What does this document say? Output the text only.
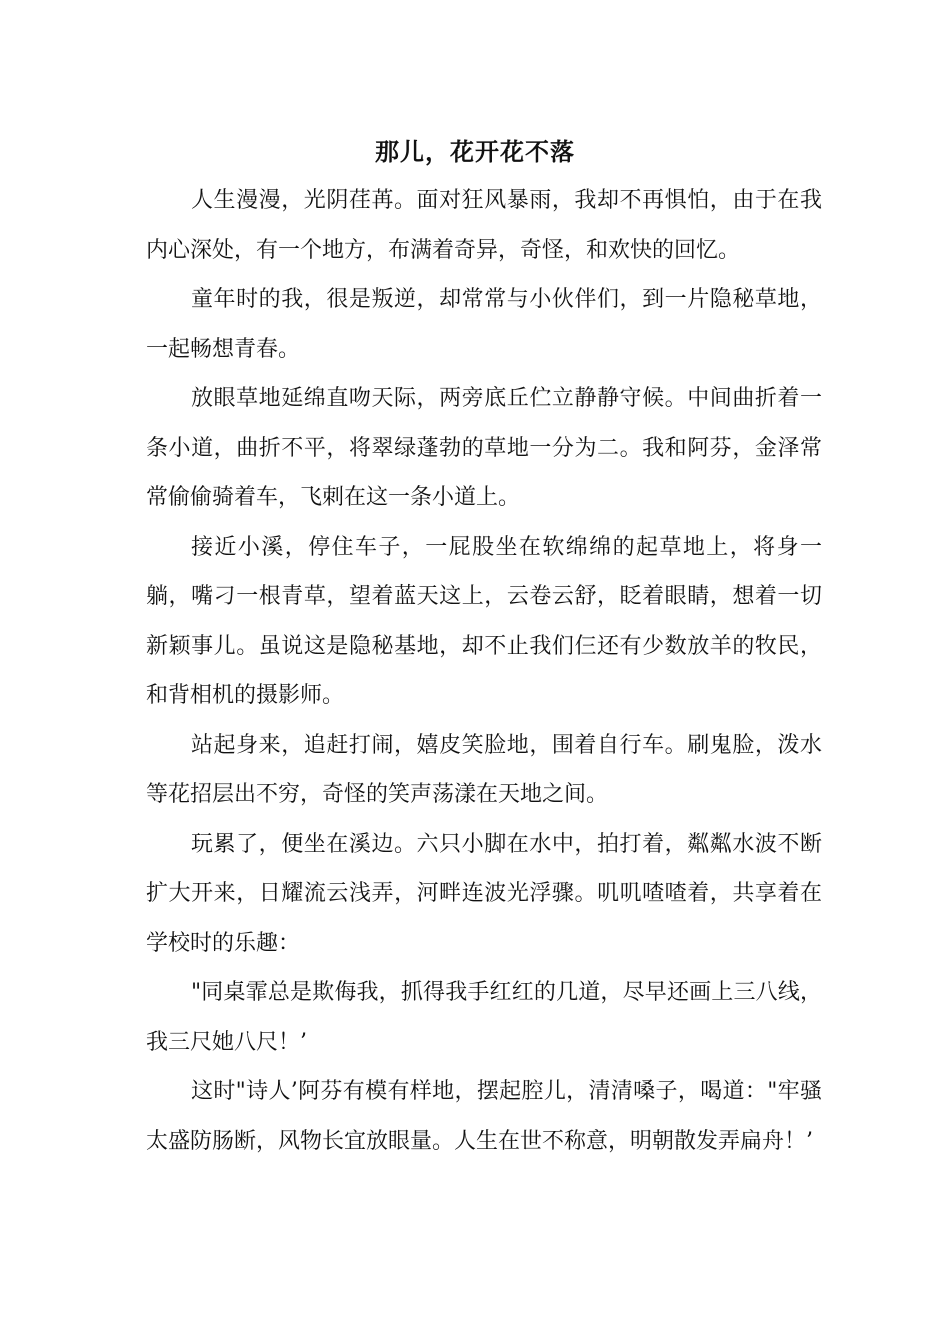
那儿，花开花不落

人生漫漫，光阴荏苒。面对狂风暴雨，我却不再惧怕，由于在我内心深处，有一个地方，布满着奇异，奇怪，和欢快的回忆。

童年时的我，很是叛逆，却常常与小伙伴们，到一片隐秘草地，一起畅想青春。

放眼草地延绵直吻天际，两旁底丘伫立静静守候。中间曲折着一条小道，曲折不平，将翠绿蓬勃的草地一分为二。我和阿芬，金泽常常偷偷骑着车，飞刺在这一条小道上。

接近小溪，停住车子，一屁股坐在软绵绵的起草地上，将身一躺，嘴刁一根青草，望着蓝天这上，云卷云舒，眨着眼睛，想着一切新颖事儿。虽说这是隐秘基地，却不止我们仨还有少数放羊的牧民，和背相机的摄影师。

站起身来，追赶打闹，嬉皮笑脸地，围着自行车。刷鬼脸，泼水等花招层出不穷，奇怪的笑声荡漾在天地之间。

玩累了，便坐在溪边。六只小脚在水中，拍打着，粼粼水波不断扩大开来，日耀流云浅弄，河畔连波光浮骤。叽叽喳喳着，共享着在学校时的乐趣：

"同桌霏总是欺侮我，抓得我手红红的几道，尽早还画上三八线，我三尺她八尺！’

这时"诗人’阿芬有模有样地，摆起腔儿，清清嗓子，喝道："牢骚太盛防肠断，风物长宜放眼量。人生在世不称意，明朝散发弄扁舟！’
